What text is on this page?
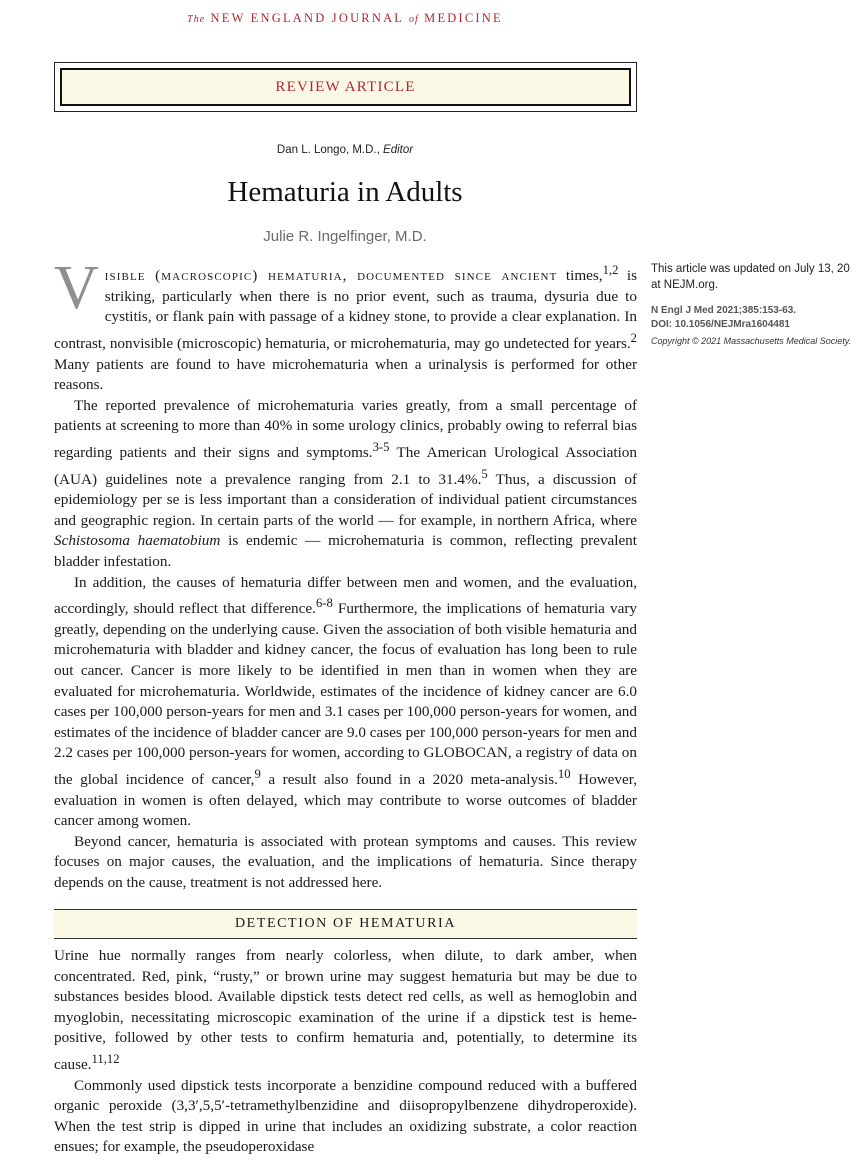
The NEW ENGLAND JOURNAL of MEDICINE
REVIEW ARTICLE
Dan L. Longo, M.D., Editor
Hematuria in Adults
Julie R. Ingelfinger, M.D.

Visible (macroscopic) hematuria, documented since ancient times,$^{1,2}$ is striking, particularly when there is no prior event, such as trauma, dysuria due to cystitis, or flank pain with passage of a kidney stone, to provide a clear explanation. In contrast, nonvisible (microscopic) hematuria, or microhematuria, may go undetected for years.$^2$ Many patients are found to have microhematuria when a urinalysis is performed for other reasons.

The reported prevalence of microhematuria varies greatly, from a small percentage of patients at screening to more than 40% in some urology clinics, probably owing to referral bias regarding patients and their signs and symptoms.$^{3-5}$ The American Urological Association (AUA) guidelines note a prevalence ranging from 2.1 to 31.4%.$^5$ Thus, a discussion of epidemiology per se is less important than a consideration of individual patient circumstances and geographic region. In certain parts of the world — for example, in northern Africa, where Schistosoma haematobium is endemic — microhematuria is common, reflecting prevalent bladder infestation.

In addition, the causes of hematuria differ between men and women, and the evaluation, accordingly, should reflect that difference.$^{6-8}$ Furthermore, the implications of hematuria vary greatly, depending on the underlying cause. Given the association of both visible hematuria and microhematuria with bladder and kidney cancer, the focus of evaluation has long been to rule out cancer. Cancer is more likely to be identified in men than in women when they are evaluated for microhematuria. Worldwide, estimates of the incidence of kidney cancer are 6.0 cases per 100,000 person-years for men and 3.1 cases per 100,000 person-years for women, and estimates of the incidence of bladder cancer are 9.0 cases per 100,000 person-years for men and 2.2 cases per 100,000 person-years for women, according to GLOBOCAN, a registry of data on the global incidence of cancer,$^9$ a result also found in a 2020 meta-analysis.$^{10}$ However, evaluation in women is often delayed, which may contribute to worse outcomes of bladder cancer among women.

Beyond cancer, hematuria is associated with protean symptoms and causes. This review focuses on major causes, the evaluation, and the implications of hematuria. Since therapy depends on the cause, treatment is not addressed here.

This article was updated on July 13, 20
at NEJM.org.
N Engl J Med 2021;385:153-63.
DOI: 10.1056/NEJMra1604481
Copyright © 2021 Massachusetts Medical Society.
DETECTION OF HEMATURIA

Urine hue normally ranges from nearly colorless, when dilute, to dark amber, when concentrated. Red, pink, “rusty,” or brown urine may suggest hematuria but may be due to substances besides blood. Available dipstick tests detect red cells, as well as hemoglobin and myoglobin, necessitating microscopic examination of the urine if a dipstick test is heme-positive, followed by other tests to confirm hematuria and, potentially, to determine its cause.$^{11,12}$

Commonly used dipstick tests incorporate a benzidine compound reduced with a buffered organic peroxide (3,3′,5,5′-tetramethylbenzidine and diisopropylbenzene dihydroperoxide). When the test strip is dipped in urine that includes an oxidizing substrate, a color reaction ensues; for example, the pseudoperoxidase
